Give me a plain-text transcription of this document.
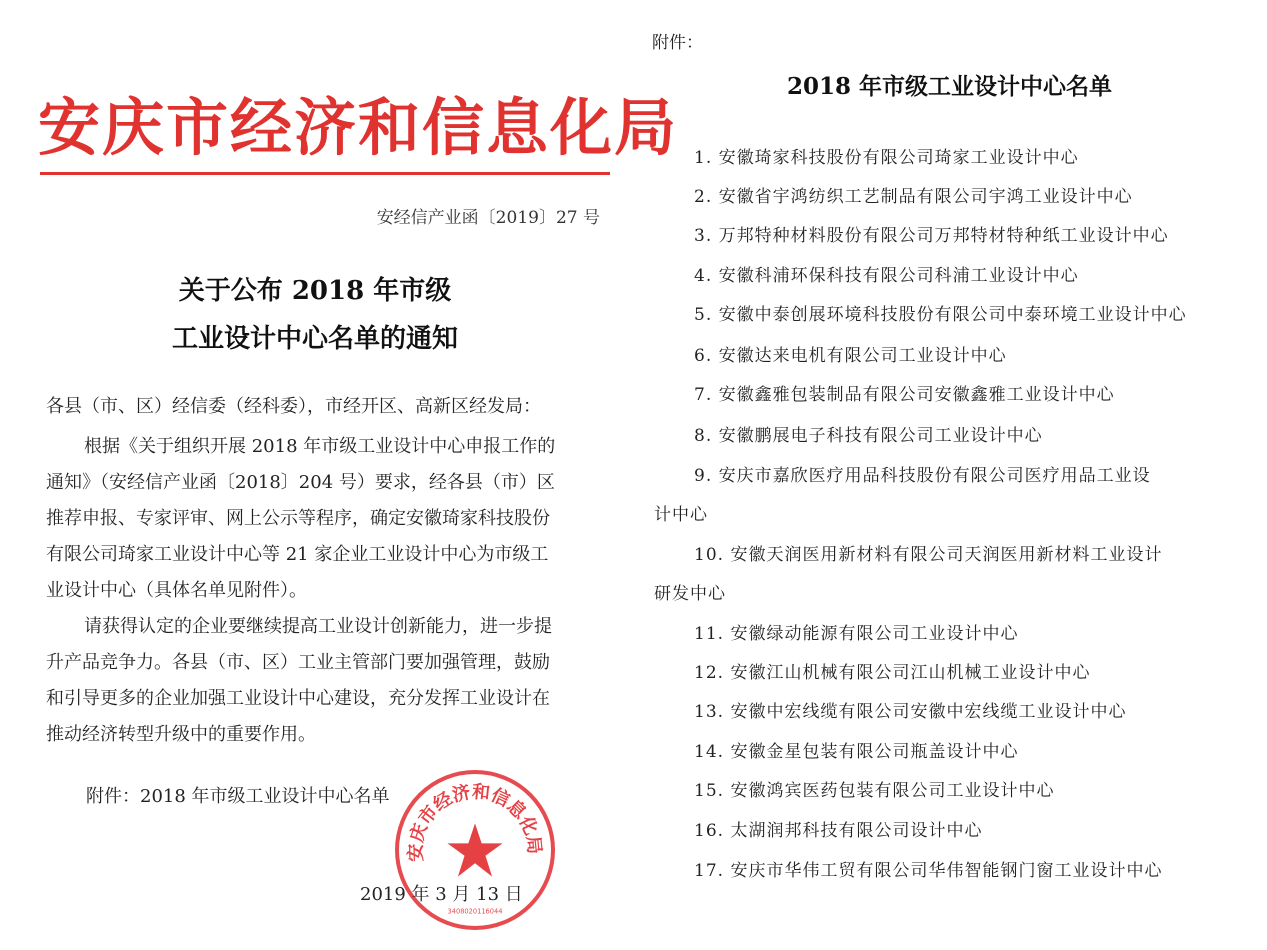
安庆市经济和信息化局
安经信产业函〔2019〕27 号
关于公布 2018 年市级
工业设计中心名单的通知
各县（市、区）经信委（经科委），市经开区、高新区经发局：
根据《关于组织开展 2018 年市级工业设计中心申报工作的
通知》（安经信产业函〔2018〕204 号）要求，经各县（市）区
推荐申报、专家评审、网上公示等程序，确定安徽琦家科技股份
有限公司琦家工业设计中心等 21 家企业工业设计中心为市级工
业设计中心（具体名单见附件）。
请获得认定的企业要继续提高工业设计创新能力，进一步提
升产品竞争力。各县（市、区）工业主管部门要加强管理，鼓励
和引导更多的企业加强工业设计中心建设，充分发挥工业设计在
推动经济转型升级中的重要作用。
附件：2018 年市级工业设计中心名单
安庆市经济和信息化局
3408020116044
2019 年 3 月 13 日
附件：
2018 年市级工业设计中心名单
1. 安徽琦家科技股份有限公司琦家工业设计中心
2. 安徽省宇鸿纺织工艺制品有限公司宇鸿工业设计中心
3. 万邦特种材料股份有限公司万邦特材特种纸工业设计中心
4. 安徽科浦环保科技有限公司科浦工业设计中心
5. 安徽中泰创展环境科技股份有限公司中泰环境工业设计中心
6. 安徽达来电机有限公司工业设计中心
7. 安徽鑫雅包装制品有限公司安徽鑫雅工业设计中心
8. 安徽鹏展电子科技有限公司工业设计中心
9. 安庆市嘉欣医疗用品科技股份有限公司医疗用品工业设
计中心
10. 安徽天润医用新材料有限公司天润医用新材料工业设计
研发中心
11. 安徽绿动能源有限公司工业设计中心
12. 安徽江山机械有限公司江山机械工业设计中心
13. 安徽中宏线缆有限公司安徽中宏线缆工业设计中心
14. 安徽金星包装有限公司瓶盖设计中心
15. 安徽鸿宾医药包装有限公司工业设计中心
16. 太湖润邦科技有限公司设计中心
17. 安庆市华伟工贸有限公司华伟智能钢门窗工业设计中心
